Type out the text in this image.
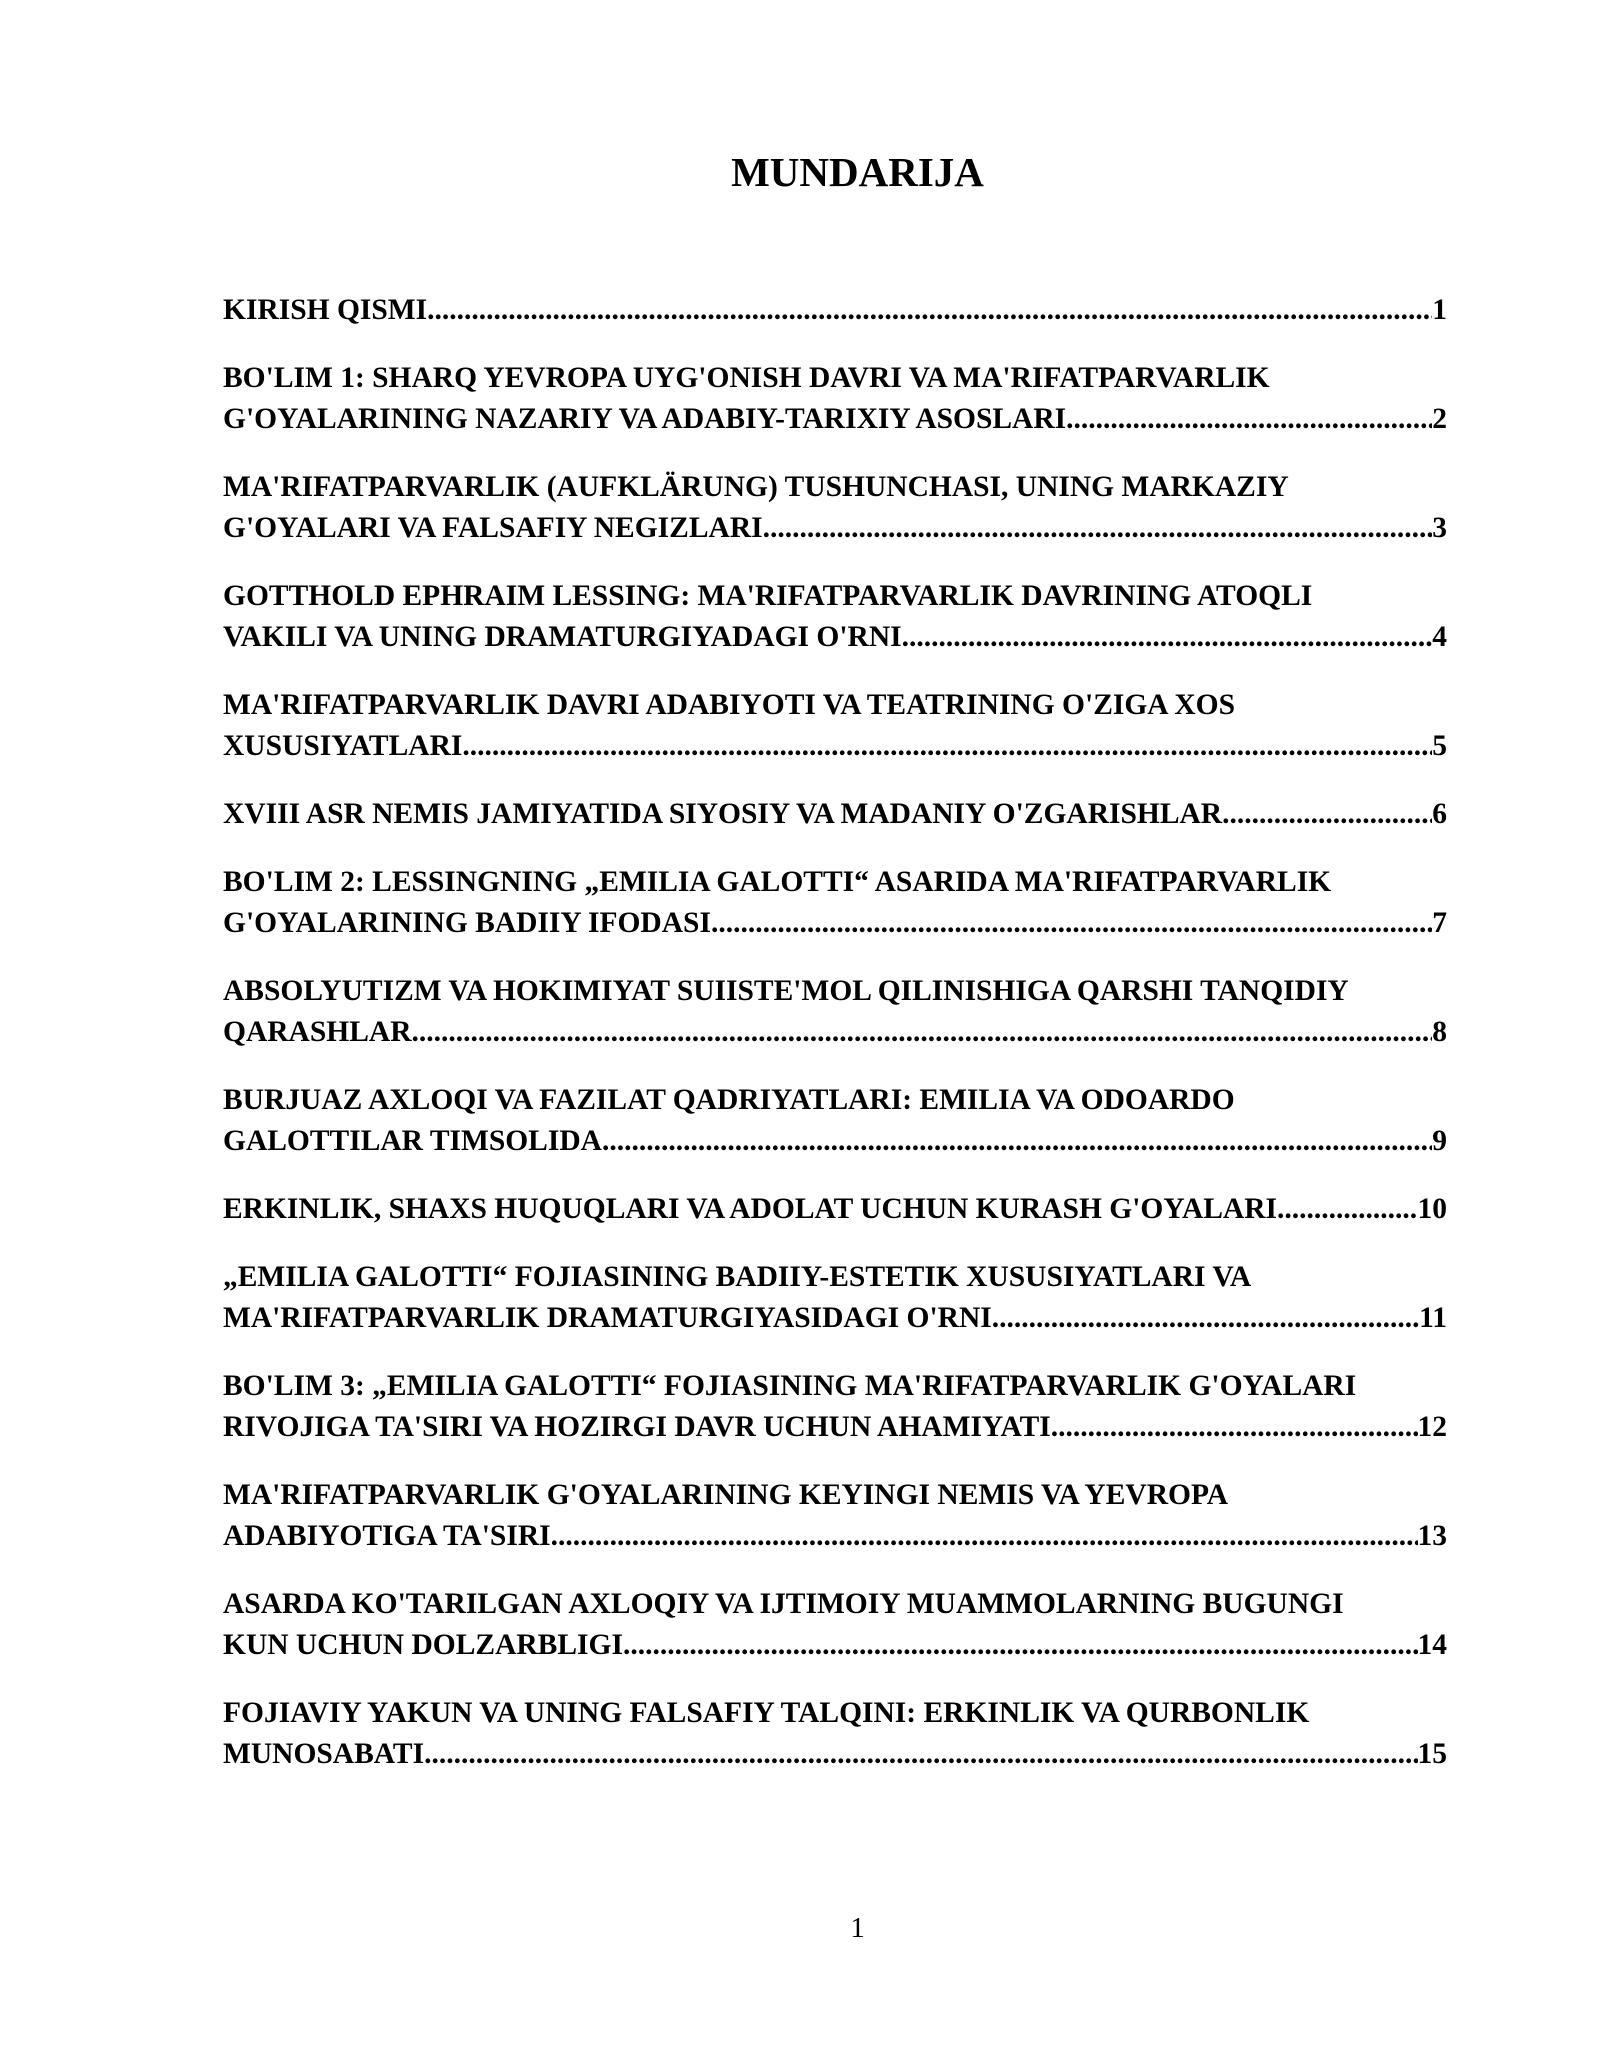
MUNDARIJA
KIRISH QISMI .....	1
BO'LIM 1: SHARQ YEVROPA UYG'ONISH DAVRI VA MA'RIFATPARVARLIK
G'OYALARINING NAZARIY VA ADABIY-TARIXIY ASOSLARI .....	2
MA'RIFATPARVARLIK (AUFKLÄRUNG) TUSHUNCHASI, UNING MARKAZIY
G'OYALARI VA FALSAFIY NEGIZLARI .....	3
GOTTHOLD EPHRAIM LESSING: MA'RIFATPARVARLIK DAVRINING ATOQLI
VAKILI VA UNING DRAMATURGIYADAGI O'RNI .....	4
MA'RIFATPARVARLIK DAVRI ADABIYOTI VA TEATRINING O'ZIGA XOS
XUSUSIYATLARI .....	5
XVIII ASR NEMIS JAMIYATIDA SIYOSIY VA MADANIY O'ZGARISHLAR .....	6
BO'LIM 2: LESSINGNING „EMILIA GALOTTI“ ASARIDA MA'RIFATPARVARLIK
G'OYALARINING BADIIY IFODASI .....	7
ABSOLYUTIZM VA HOKIMIYAT SUIISTE'MOL QILINISHIGA QARSHI TANQIDIY
QARASHLAR .....	8
BURJUAZ AXLOQI VA FAZILAT QADRIYATLARI: EMILIA VA ODOARDO
GALOTTILAR TIMSOLIDA .....	9
ERKINLIK, SHAXS HUQUQLARI VA ADOLAT UCHUN KURASH G'OYALARI .....	10
„EMILIA GALOTTI“ FOJIASINING BADIIY-ESTETIK XUSUSIYATLARI VA
MA'RIFATPARVARLIK DRAMATURGIYASIDAGI O'RNI .....	11
BO'LIM 3: „EMILIA GALOTTI“ FOJIASINING MA'RIFATPARVARLIK G'OYALARI
RIVOJIGA TA'SIRI VA HOZIRGI DAVR UCHUN AHAMIYATI .....	12
MA'RIFATPARVARLIK G'OYALARINING KEYINGI NEMIS VA YEVROPA
ADABIYOTIGA TA'SIRI .....	13
ASARDA KO'TARILGAN AXLOQIY VA IJTIMOIY MUAMMOLARNING BUGUNGI
KUN UCHUN DOLZARBLIGI .....	14
FOJIAVIY YAKUN VA UNING FALSAFIY TALQINI: ERKINLIK VA QURBONLIK
MUNOSABATI .....	15
1
